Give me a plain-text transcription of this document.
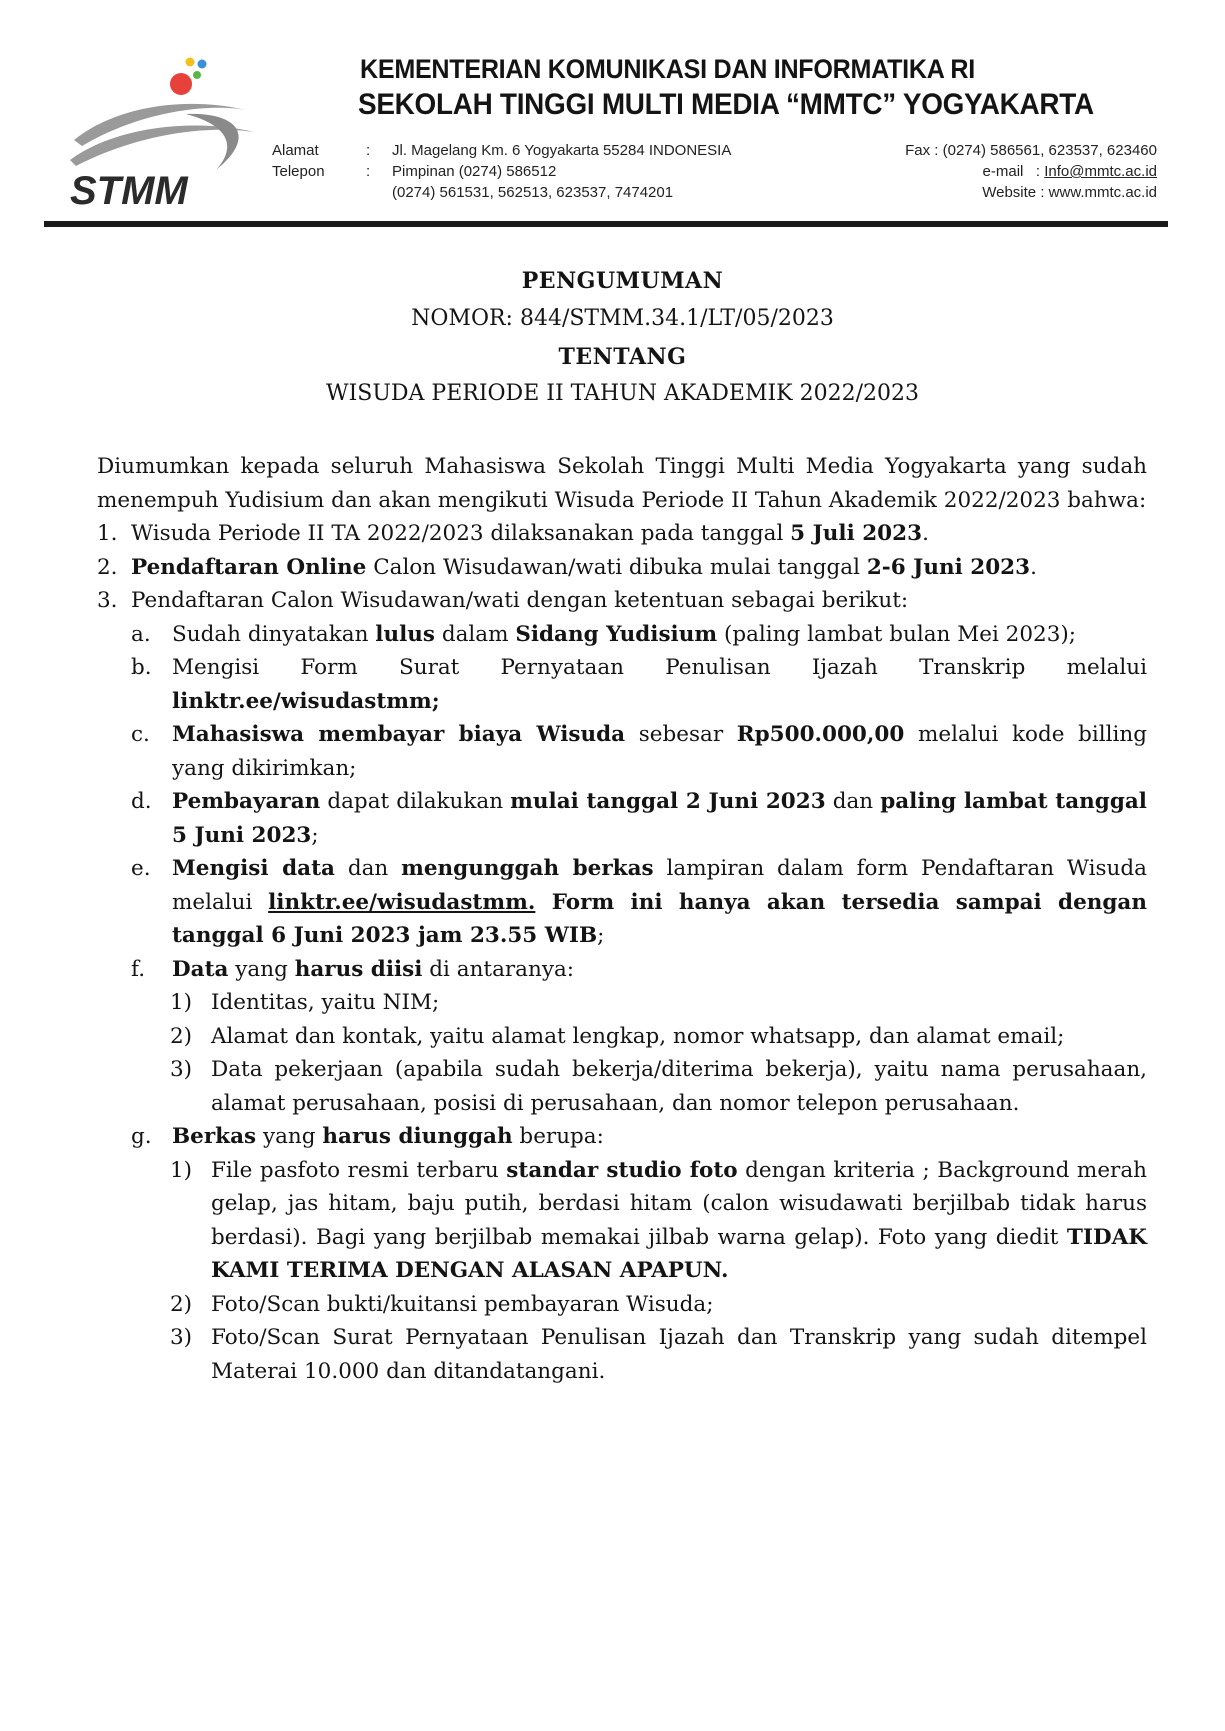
STMM
KEMENTERIAN KOMUNIKASI DAN INFORMATIKA RI
SEKOLAH TINGGI MULTI MEDIA “MMTC” YOGYAKARTA
Alamat
Telepon
:
:
Jl. Magelang Km. 6 Yogyakarta 55284 INDONESIA
Pimpinan (0274) 586512
(0274) 561531, 562513, 623537, 7474201
Fax : (0274) 586561, 623537, 623460
e-mail   : Info@mmtc.ac.id
Website : www.mmtc.ac.id
PENGUMUMAN
NOMOR: 844/STMM.34.1/LT/05/2023
TENTANG
WISUDA PERIODE II TAHUN AKADEMIK 2022/2023

Diumumkan kepada seluruh Mahasiswa Sekolah Tinggi Multi Media Yogyakarta yang sudah menempuh Yudisium dan akan mengikuti Wisuda Periode II Tahun Akademik 2022/2023 bahwa:

1. Wisuda Periode II TA 2022/2023 dilaksanakan pada tanggal 5 Juli 2023.
2. Pendaftaran Online Calon Wisudawan/wati dibuka mulai tanggal 2-6 Juni 2023.
3. Pendaftaran Calon Wisudawan/wati dengan ketentuan sebagai berikut:
a. Sudah dinyatakan lulus dalam Sidang Yudisium (paling lambat bulan Mei 2023);
b. Mengisi Form Surat Pernyataan Penulisan Ijazah Transkrip melalui linktr.ee/wisudastmm;
c. Mahasiswa membayar biaya Wisuda sebesar Rp500.000,00 melalui kode billing yang dikirimkan;
d. Pembayaran dapat dilakukan mulai tanggal 2 Juni 2023 dan paling lambat tanggal 5 Juni 2023;
e. Mengisi data dan mengunggah berkas lampiran dalam form Pendaftaran Wisuda melalui linktr.ee/wisudastmm. Form ini hanya akan tersedia sampai dengan tanggal 6 Juni 2023 jam 23.55 WIB;
f. Data yang harus diisi di antaranya:
1) Identitas, yaitu NIM;
2) Alamat dan kontak, yaitu alamat lengkap, nomor whatsapp, dan alamat email;
3) Data pekerjaan (apabila sudah bekerja/diterima bekerja), yaitu nama perusahaan, alamat perusahaan, posisi di perusahaan, dan nomor telepon perusahaan.
g. Berkas yang harus diunggah berupa:
1) File pasfoto resmi terbaru standar studio foto dengan kriteria ; Background merah gelap, jas hitam, baju putih, berdasi hitam (calon wisudawati berjilbab tidak harus berdasi). Bagi yang berjilbab memakai jilbab warna gelap). Foto yang diedit TIDAK KAMI TERIMA DENGAN ALASAN APAPUN.
2) Foto/Scan bukti/kuitansi pembayaran Wisuda;
3) Foto/Scan Surat Pernyataan Penulisan Ijazah dan Transkrip yang sudah ditempel Materai 10.000 dan ditandatangani.
